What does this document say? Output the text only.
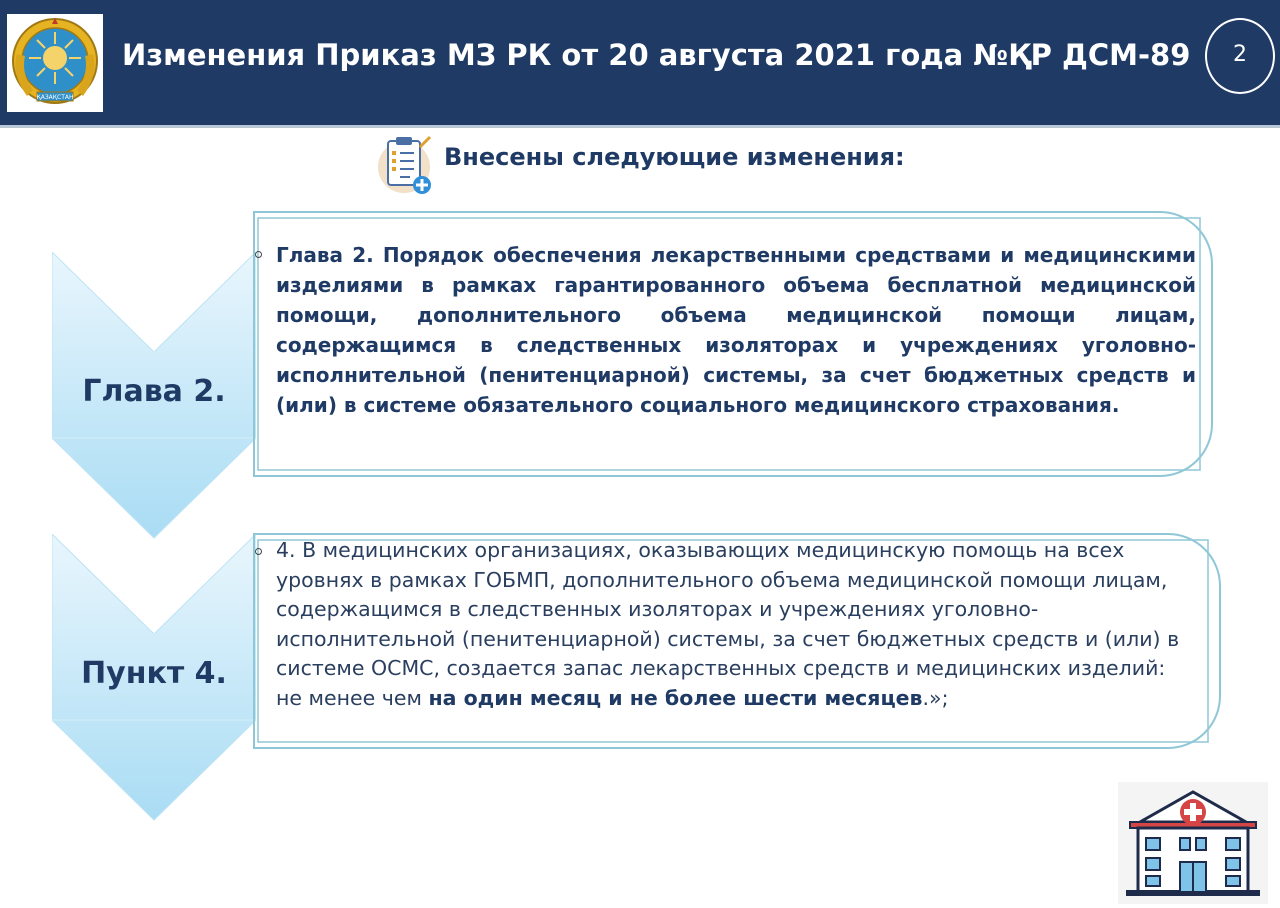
ҚАЗАҚСТАН
Изменения Приказ МЗ РК от 20 августа 2021 года №ҚР ДСМ-89	2
Внесены следующие изменения:
Глава 2.
Пункт 4.
Глава 2. Порядок обеспечения лекарственными средствами и медицинскими изделиями в рамках гарантированного объема бесплатной медицинской помощи, дополнительного объема медицинской помощи лицам, содержащимся в следственных изоляторах и учреждениях уголовно-исполнительной (пенитенциарной) системы, за счет бюджетных средств и (или) в системе обязательного социального медицинского страхования.
4. В медицинских организациях, оказывающих медицинскую помощь на всех уровнях в рамках ГОБМП, дополнительного объема медицинской помощи лицам, содержащимся в следственных изоляторах и учреждениях уголовно-исполнительной (пенитенциарной) системы, за счет бюджетных средств и (или) в системе ОСМС, создается запас лекарственных средств и медицинских изделий: не менее чем на один месяц и не более шести месяцев.»;
